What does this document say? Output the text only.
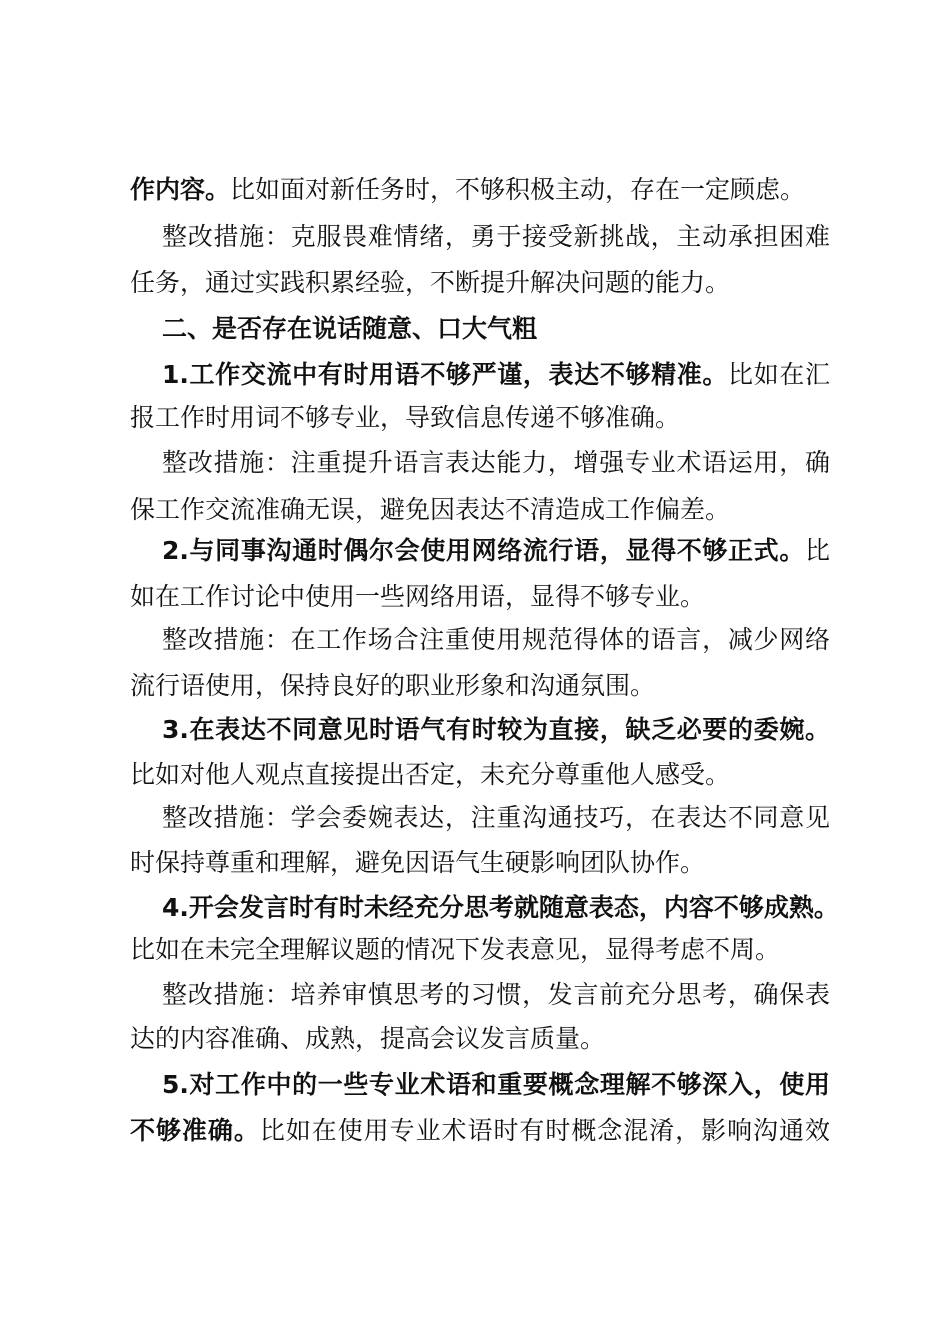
作内容。比如面对新任务时，不够积极主动，存在一定顾虑。
整改措施：克服畏难情绪，勇于接受新挑战，主动承担困难
任务，通过实践积累经验，不断提升解决问题的能力。
二、是否存在说话随意、口大气粗
1.工作交流中有时用语不够严谨，表达不够精准。比如在汇
报工作时用词不够专业，导致信息传递不够准确。
整改措施：注重提升语言表达能力，增强专业术语运用，确
保工作交流准确无误，避免因表达不清造成工作偏差。
2.与同事沟通时偶尔会使用网络流行语，显得不够正式。比
如在工作讨论中使用一些网络用语，显得不够专业。
整改措施：在工作场合注重使用规范得体的语言，减少网络
流行语使用，保持良好的职业形象和沟通氛围。
3.在表达不同意见时语气有时较为直接，缺乏必要的委婉。
比如对他人观点直接提出否定，未充分尊重他人感受。
整改措施：学会委婉表达，注重沟通技巧，在表达不同意见
时保持尊重和理解，避免因语气生硬影响团队协作。
4.开会发言时有时未经充分思考就随意表态，内容不够成熟。
比如在未完全理解议题的情况下发表意见，显得考虑不周。
整改措施：培养审慎思考的习惯，发言前充分思考，确保表
达的内容准确、成熟，提高会议发言质量。
5.对工作中的一些专业术语和重要概念理解不够深入，使用
不够准确。比如在使用专业术语时有时概念混淆，影响沟通效
